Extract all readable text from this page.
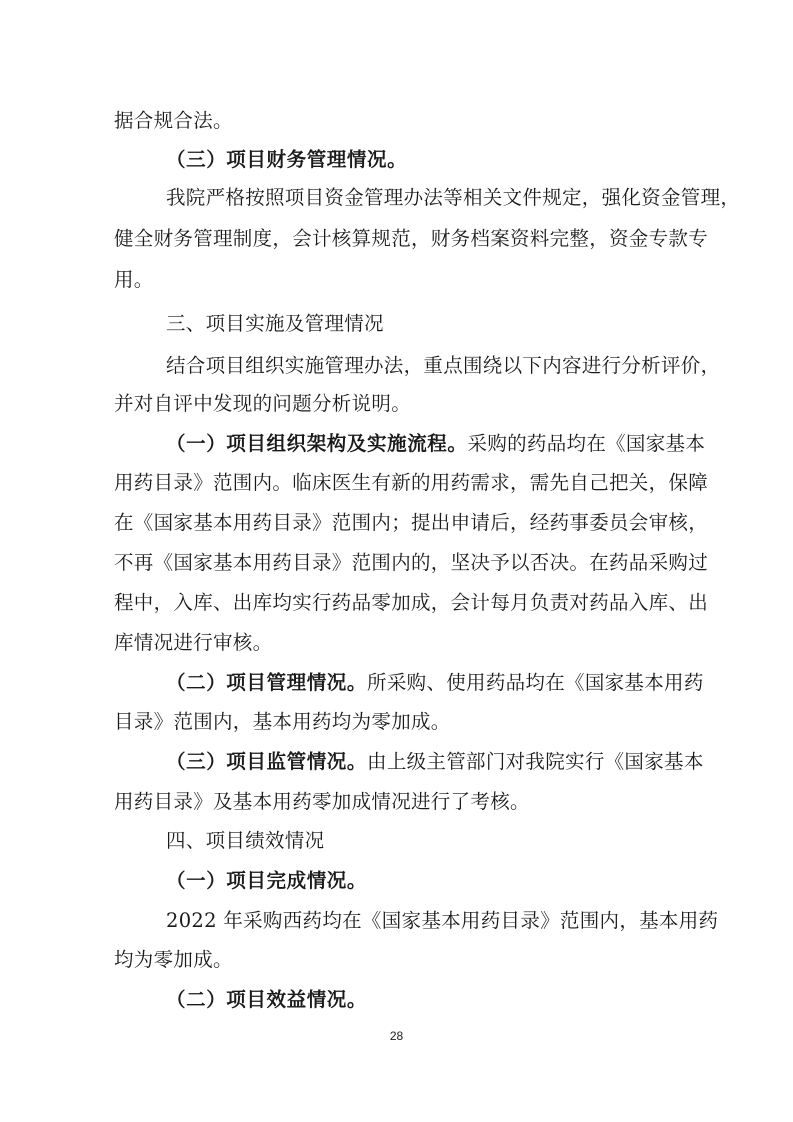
据合规合法。
（三）项目财务管理情况。
我院严格按照项目资金管理办法等相关文件规定，强化资金管理，
健全财务管理制度，会计核算规范，财务档案资料完整，资金专款专
用。
三、项目实施及管理情况
结合项目组织实施管理办法，重点围绕以下内容进行分析评价，
并对自评中发现的问题分析说明。
（一）项目组织架构及实施流程。采购的药品均在《国家基本
用药目录》范围内。临床医生有新的用药需求，需先自己把关，保障
在《国家基本用药目录》范围内；提出申请后，经药事委员会审核，
不再《国家基本用药目录》范围内的，坚决予以否决。在药品采购过
程中，入库、出库均实行药品零加成，会计每月负责对药品入库、出
库情况进行审核。
（二）项目管理情况。所采购、使用药品均在《国家基本用药
目录》范围内，基本用药均为零加成。
（三）项目监管情况。由上级主管部门对我院实行《国家基本
用药目录》及基本用药零加成情况进行了考核。
四、项目绩效情况
（一）项目完成情况。
2022 年采购西药均在《国家基本用药目录》范围内，基本用药
均为零加成。
（二）项目效益情况。
28
